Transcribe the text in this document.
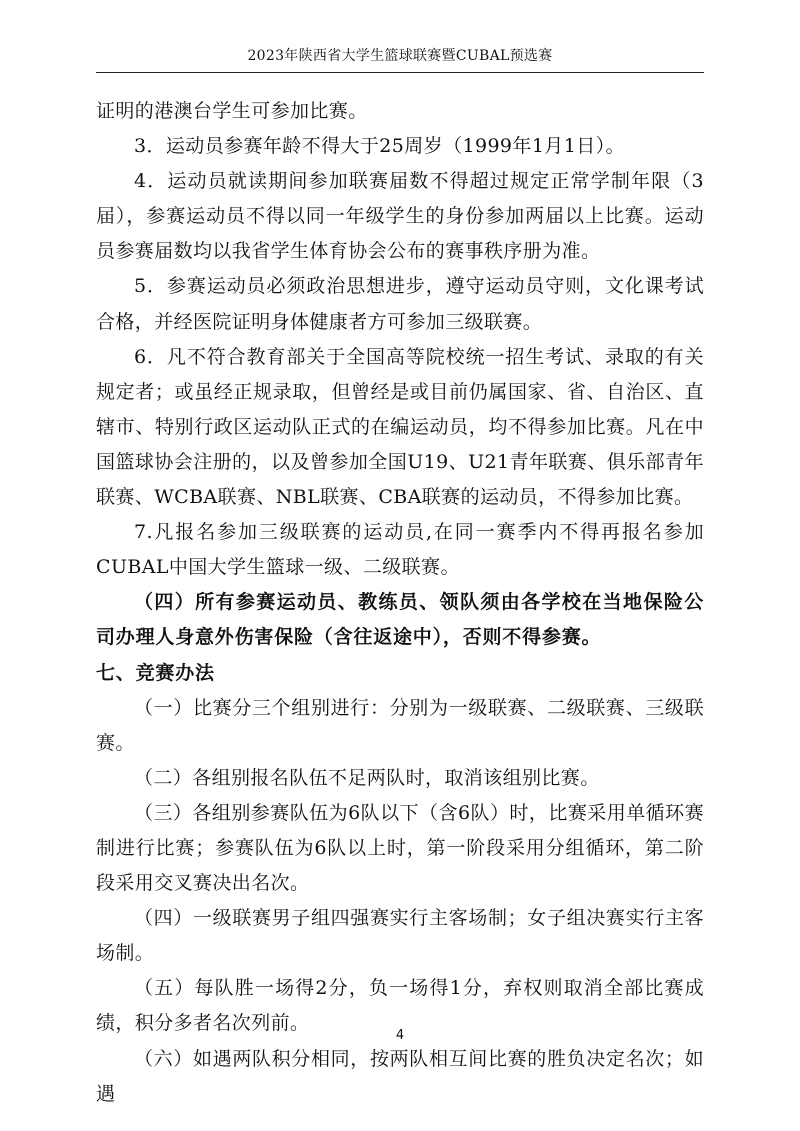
2023年陕西省大学生篮球联赛暨CUBAL预选赛

证明的港澳台学生可参加比赛。

3．运动员参赛年龄不得大于25周岁（1999年1月1日）。

4．运动员就读期间参加联赛届数不得超过规定正常学制年限（3届），参赛运动员不得以同一年级学生的身份参加两届以上比赛。运动员参赛届数均以我省学生体育协会公布的赛事秩序册为准。

5．参赛运动员必须政治思想进步，遵守运动员守则，文化课考试合格，并经医院证明身体健康者方可参加三级联赛。

6．凡不符合教育部关于全国高等院校统一招生考试、录取的有关规定者；或虽经正规录取，但曾经是或目前仍属国家、省、自治区、直辖市、特别行政区运动队正式的在编运动员，均不得参加比赛。凡在中国篮球协会注册的，以及曾参加全国U19、U21青年联赛、俱乐部青年联赛、WCBA联赛、NBL联赛、CBA联赛的运动员，不得参加比赛。

7.凡报名参加三级联赛的运动员,在同一赛季内不得再报名参加CUBAL中国大学生篮球一级、二级联赛。

（四）所有参赛运动员、教练员、领队须由各学校在当地保险公司办理人身意外伤害保险（含往返途中），否则不得参赛。

七、竞赛办法

（一）比赛分三个组别进行：分别为一级联赛、二级联赛、三级联赛。

（二）各组别报名队伍不足两队时，取消该组别比赛。

（三）各组别参赛队伍为6队以下（含6队）时，比赛采用单循环赛制进行比赛；参赛队伍为6队以上时，第一阶段采用分组循环，第二阶段采用交叉赛决出名次。

（四）一级联赛男子组四强赛实行主客场制；女子组决赛实行主客场制。

（五）每队胜一场得2分，负一场得1分，弃权则取消全部比赛成绩，积分多者名次列前。

（六）如遇两队积分相同，按两队相互间比赛的胜负决定名次；如遇

4
